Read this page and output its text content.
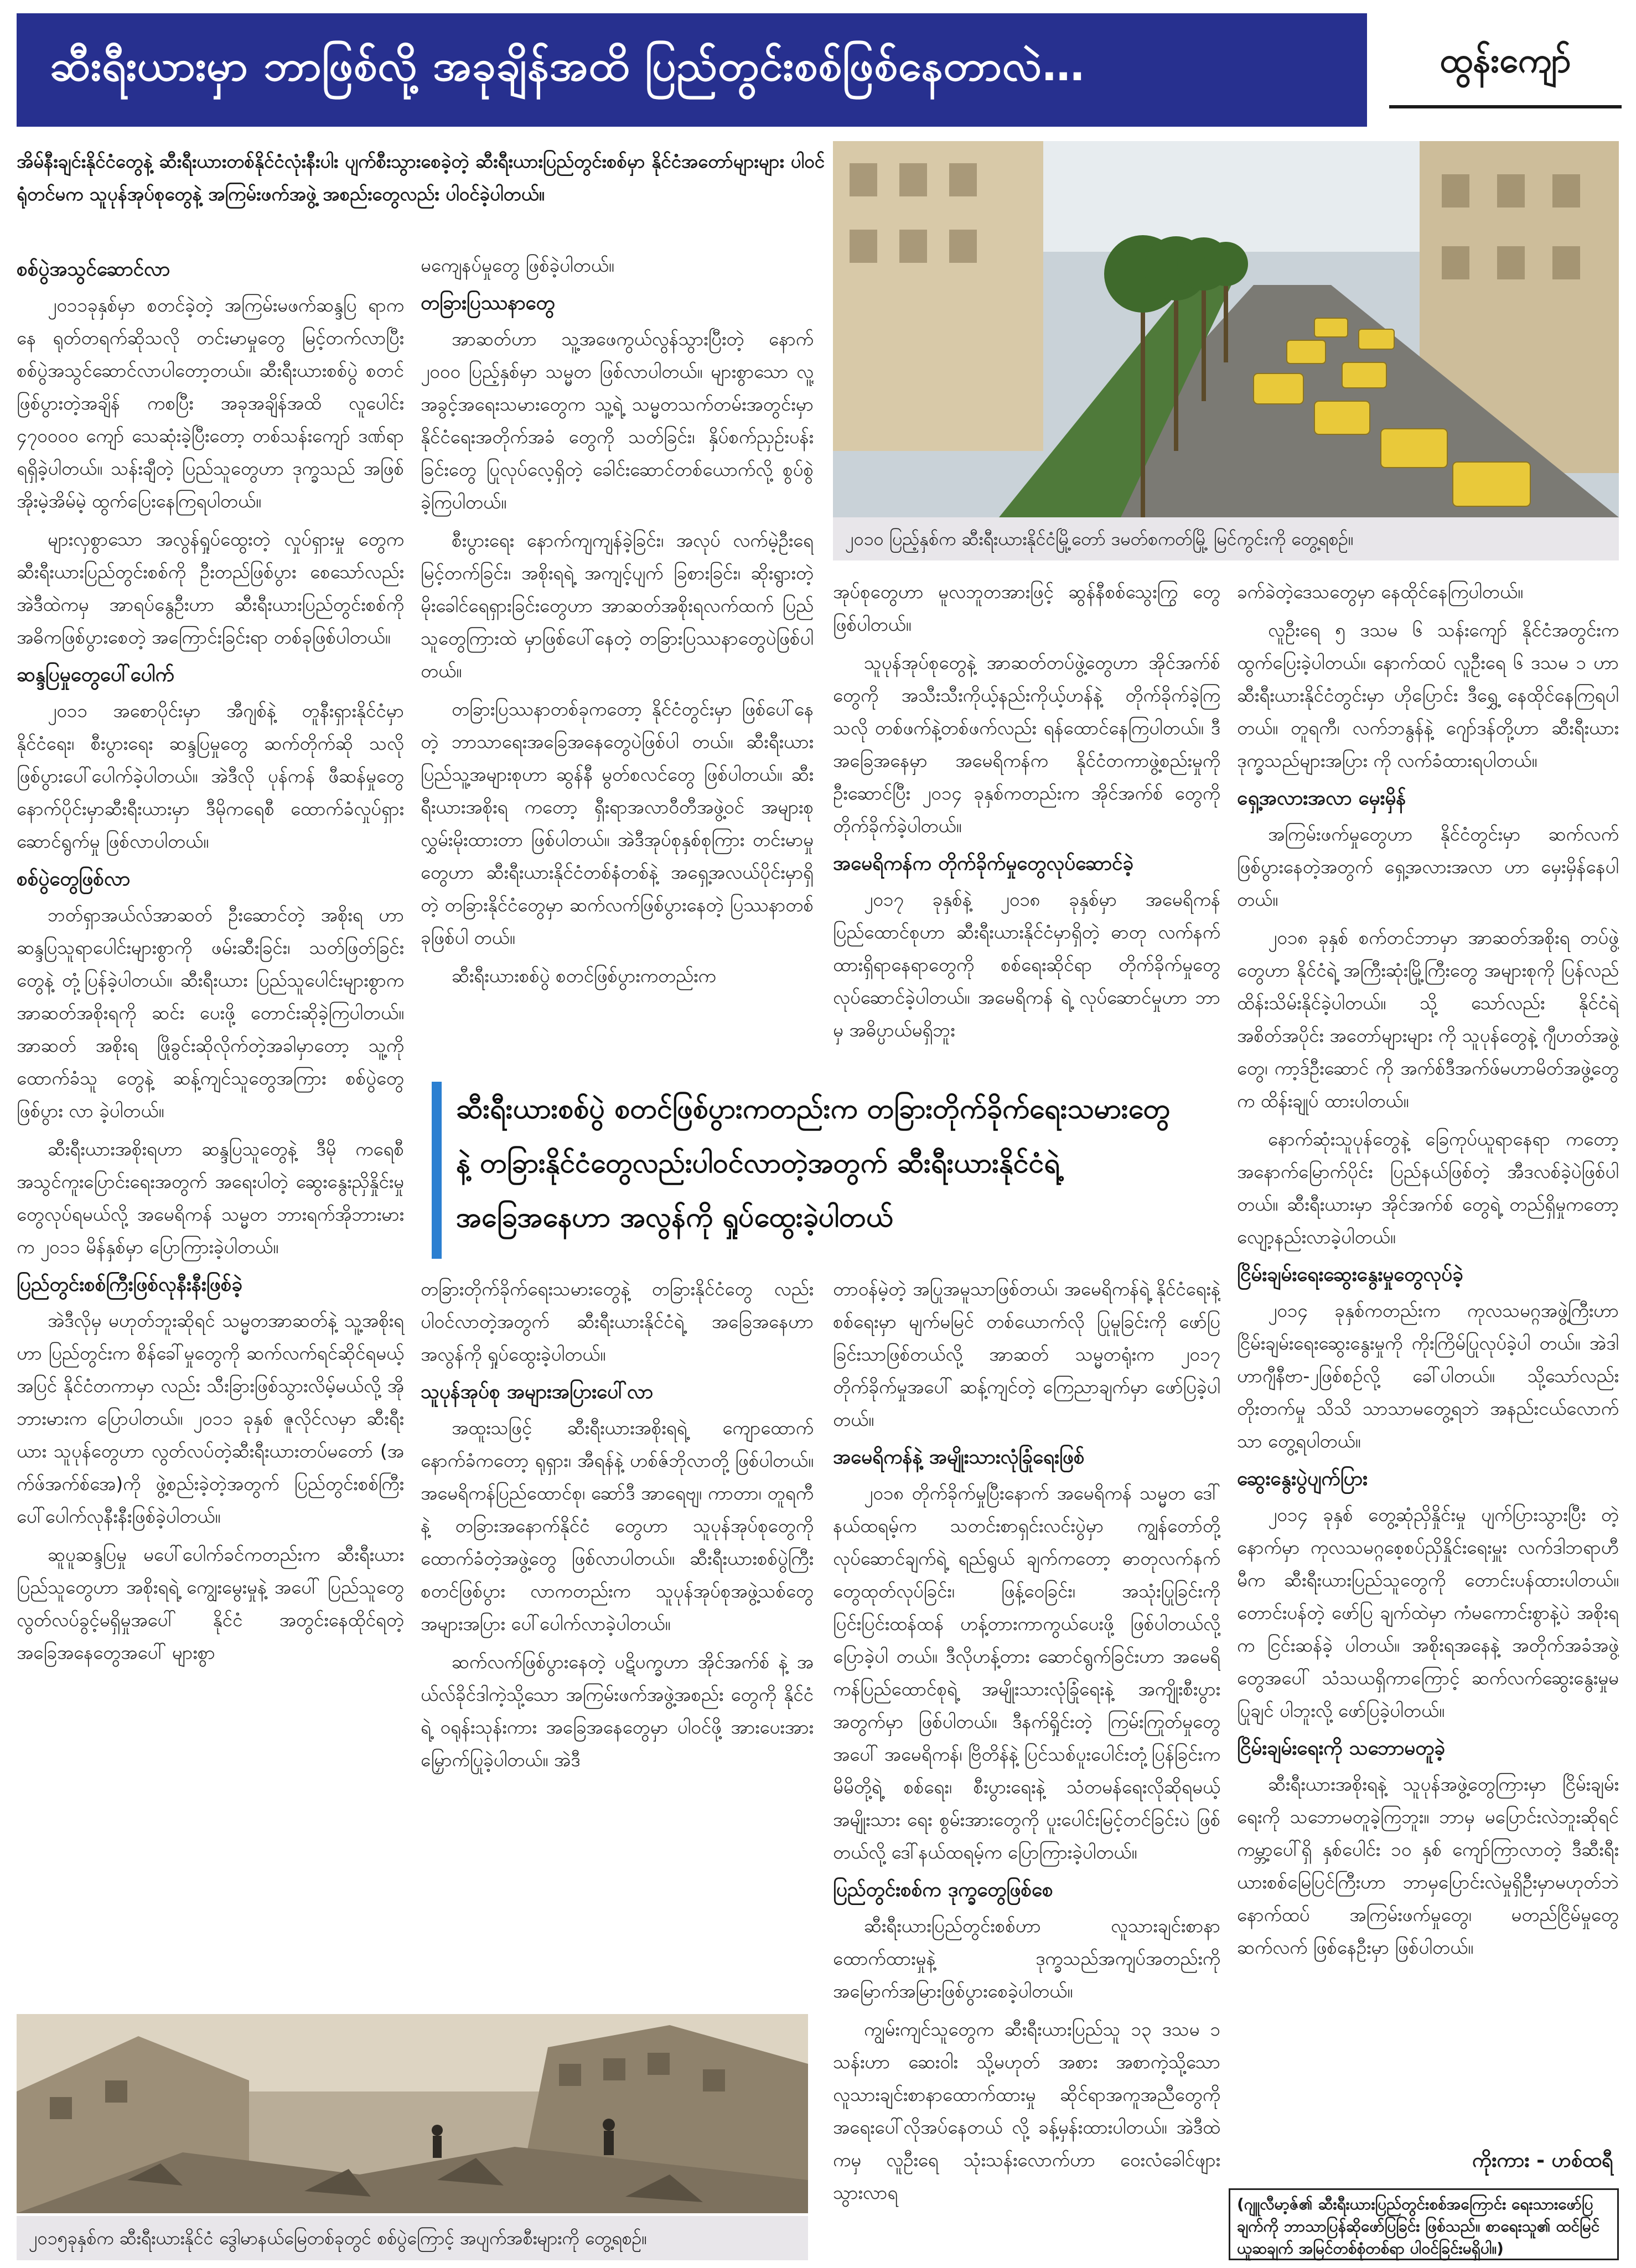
ဆီးရီးယားမှာ ဘာဖြစ်လို့ အခုချိန်အထိ ပြည်တွင်းစစ်ဖြစ်နေတာလဲ…	ထွန်းကျော်

အိမ်နီးချင်းနိုင်ငံတွေနဲ့ ဆီးရီးယားတစ်နိုင်ငံလုံးနီးပါး ပျက်စီးသွားစေခဲ့တဲ့ ဆီးရီးယားပြည်တွင်းစစ်မှာ နိုင်ငံအတော်များများ ပါဝင်ရုံတင်မက သူပုန်အုပ်စုတွေနဲ့ အကြမ်းဖက်အဖွဲ့ အစည်းတွေလည်း ပါဝင်ခဲ့ပါတယ်။

၂၀၁၀ ပြည့်နှစ်က ဆီးရီးယားနိုင်ငံမြို့တော် ဒမတ်စကတ်မြို့ မြင်ကွင်းကို တွေ့ရစဉ်။
စစ်ပွဲအသွင်ဆောင်လာ

၂၀၁၁ခုနှစ်မှာ စတင်ခဲ့တဲ့ အကြမ်းမဖက်ဆန္ဒပြ ရာကနေ ရုတ်တရက်ဆိုသလို တင်းမာမှုတွေ မြင့်တက်လာပြီး စစ်ပွဲအသွင်ဆောင်လာပါတော့တယ်။ ဆီးရီးယားစစ်ပွဲ စတင်ဖြစ်ပွားတဲ့အချိန် ကစပြီး အခုအချိန်အထိ လူပေါင်း ၄၇၀၀၀၀ ကျော် သေဆုံးခဲ့ပြီးတော့ တစ်သန်းကျော် ဒဏ်ရာရရှိခဲ့ပါတယ်။ သန်းချီတဲ့ ပြည်သူတွေဟာ ဒုက္ခသည် အဖြစ် အိုးမဲ့အိမ်မဲ့ ထွက်ပြေးနေကြရပါတယ်။

များလှစွာသော အလွန်ရှုပ်ထွေးတဲ့ လှုပ်ရှားမှု တွေက ဆီးရီးယားပြည်တွင်းစစ်ကို ဦးတည်ဖြစ်ပွား စေသော်လည်း အဲဒီထဲကမှ အာရပ်နွေဦးဟာ ဆီးရီးယားပြည်တွင်းစစ်ကို အဓိကဖြစ်ပွားစေတဲ့ အကြောင်းခြင်းရာ တစ်ခုဖြစ်ပါတယ်။

ဆန္ဒပြမှုတွေပေါ်ပေါက်

၂၀၁၁ အစောပိုင်းမှာ အီဂျစ်နဲ့ တူနီးရှားနိုင်ငံမှာ နိုင်ငံရေး၊ စီးပွားရေး ဆန္ဒပြမှုတွေ ဆက်တိုက်ဆို သလို ဖြစ်ပွားပေါ်ပေါက်ခဲ့ပါတယ်။ အဲဒီလို ပုန်ကန် ဖီဆန်မှုတွေနောက်ပိုင်းမှာဆီးရီးယားမှာ ဒီမိုကရေစီ ထောက်ခံလှုပ်ရှားဆောင်ရွက်မှု ဖြစ်လာပါတယ်။

စစ်ပွဲတွေဖြစ်လာ

ဘတ်ရှာအယ်လ်အာဆတ် ဦးဆောင်တဲ့ အစိုးရ ဟာ ဆန္ဒပြသူရာပေါင်းများစွာကို ဖမ်းဆီးခြင်း၊ သတ်ဖြတ်ခြင်းတွေနဲ့ တုံ့ပြန်ခဲ့ပါတယ်။ ဆီးရီးယား ပြည်သူပေါင်းများစွာက အာဆတ်အစိုးရကို ဆင်း ပေးဖို့ တောင်းဆိုခဲ့ကြပါတယ်။ အာဆတ် အစိုးရ ဖြိုခွင်းဆိုလိုက်တဲ့အခါမှာတော့ သူ့ကို ထောက်ခံသူ တွေနဲ့ ဆန့်ကျင်သူတွေအကြား စစ်ပွဲတွေ ဖြစ်ပွား လာ ခဲ့ပါတယ်။

ဆီးရီးယားအစိုးရဟာ ဆန္ဒပြသူတွေနဲ့ ဒီမို ကရေစီအသွင်ကူးပြောင်းရေးအတွက် အရေးပါတဲ့ ဆွေးနွေးညှိနှိုင်းမှုတွေလုပ်ရမယ်လို့ အမေရိကန် သမ္မတ ဘားရက်အိုဘားမားက ၂၀၁၁ မိန်နှစ်မှာ ပြောကြားခဲ့ပါတယ်။

ပြည်တွင်းစစ်ကြီးဖြစ်လုနီးနီးဖြစ်ခဲ့

အဲဒီလိုမှ မဟုတ်ဘူးဆိုရင် သမ္မတအာဆတ်နဲ့ သူ့အစိုးရဟာ ပြည်တွင်းက စိန်ခေါ်မှုတွေကို ဆက်လက်ရင်ဆိုင်ရမယ့်အပြင် နိုင်ငံတကာမှာ လည်း သီးခြားဖြစ်သွားလိမ့်မယ်လို့ အိုဘားမားက ပြောပါတယ်။ ၂၀၁၁ ခုနှစ် ဇူလိုင်လမှာ ဆီးရီးယား သူပုန်တွေဟာ လွတ်လပ်တဲ့ဆီးရီးယားတပ်မတော် (အက်ဖ်အက်စ်အေ)ကို ဖွဲ့စည်းခဲ့တဲ့အတွက် ပြည်တွင်းစစ်ကြီး ပေါ်ပေါက်လုနီးနီးဖြစ်ခဲ့ပါတယ်။

ဆူပူဆန္ဒပြမှု မပေါ်ပေါက်ခင်ကတည်းက ဆီးရီးယားပြည်သူတွေဟာ အစိုးရရဲ့ ကျွေးမွေးမှုနဲ့ အပေါ် ပြည်သူတွေ လွတ်လပ်ခွင့်မရှိမှုအပေါ် နိုင်ငံ အတွင်းနေထိုင်ရတဲ့ အခြေအနေတွေအပေါ် များစွာ

မကျေနပ်မှုတွေ ဖြစ်ခဲ့ပါတယ်။

တခြားပြဿနာတွေ

အာဆတ်ဟာ သူ့အဖေကွယ်လွန်သွားပြီးတဲ့ နောက် ၂၀၀၀ ပြည့်နှစ်မှာ သမ္မတ ဖြစ်လာပါတယ်။ များစွာသော လူ့အခွင့်အရေးသမားတွေက သူ့ရဲ့ သမ္မတသက်တမ်းအတွင်းမှာ နိုင်ငံရေးအတိုက်အခံ တွေကို သတ်ခြင်း၊ နှိပ်စက်ညှဉ်းပန်းခြင်းတွေ ပြုလုပ်လေ့ရှိတဲ့ ခေါင်းဆောင်တစ်ယောက်လို့ စွပ်စွဲ ခဲ့ကြပါတယ်။

စီးပွားရေး နောက်ကျကျန်ခဲ့ခြင်း၊ အလုပ် လက်မဲ့ဦးရေမြင့်တက်ခြင်း၊ အစိုးရရဲ့ အကျင့်ပျက် ခြစားခြင်း၊ ဆိုးရွားတဲ့ မိုးခေါင်ရေရှားခြင်းတွေဟာ အာဆတ်အစိုးရလက်ထက် ပြည်သူတွေကြားထဲ မှာဖြစ်ပေါ်နေတဲ့ တခြားပြဿနာတွေပဲဖြစ်ပါတယ်။

တခြားပြဿနာတစ်ခုကတော့ နိုင်ငံတွင်းမှာ ဖြစ်ပေါ်နေတဲ့ ဘာသာရေးအခြေအနေတွေပဲဖြစ်ပါ တယ်။ ဆီးရီးယားပြည်သူ့အများစုဟာ ဆွန်နီ မွတ်စလင်တွေ ဖြစ်ပါတယ်။ ဆီးရီးယားအစိုးရ ကတော့ ရှီးရာအလာဝီတီအဖွဲ့ဝင် အများစု လွှမ်းမိုးထားတာ ဖြစ်ပါတယ်။ အဲဒီအုပ်စုနှစ်စုကြား တင်းမာမှုတွေဟာ ဆီးရီးယားနိုင်ငံတစ်နံတစ်နဲ့ အရှေ့အလယ်ပိုင်းမှာရှိတဲ့ တခြားနိုင်ငံတွေမှာ ဆက်လက်ဖြစ်ပွားနေတဲ့ ပြဿနာတစ်ခုဖြစ်ပါ တယ်။

ဆီးရီးယားစစ်ပွဲ စတင်ဖြစ်ပွားကတည်းက

အုပ်စုတွေဟာ မူလဘူတအားဖြင့် ဆွန်နီစစ်သွေးကြွ တွေ ဖြစ်ပါတယ်။

သူပုန်အုပ်စုတွေနဲ့ အာဆတ်တပ်ဖွဲ့တွေဟာ အိုင်အက်စ်တွေကို အသီးသီးကိုယ့်နည်းကိုယ့်ဟန်နဲ့ တိုက်ခိုက်ခဲ့ကြသလို တစ်ဖက်နဲ့တစ်ဖက်လည်း ရန်ထောင်နေကြပါတယ်။ ဒီအခြေအနေမှာ အမေရိကန်က နိုင်ငံတကာဖွဲ့စည်းမှုကို ဦးဆောင်ပြီး ၂၀၁၄ ခုနှစ်ကတည်းက အိုင်အက်စ် တွေကို တိုက်ခိုက်ခဲ့ပါတယ်။

အမေရိကန်က တိုက်ခိုက်မှုတွေလုပ်ဆောင်ခဲ့

၂၀၁၇ ခုနှစ်နဲ့ ၂၀၁၈ ခုနှစ်မှာ အမေရိကန် ပြည်ထောင်စုဟာ ဆီးရီးယားနိုင်ငံမှာရှိတဲ့ ဓာတု လက်နက်ထားရှိရာနေရာတွေကို စစ်ရေးဆိုင်ရာ တိုက်ခိုက်မှုတွေ လုပ်ဆောင်ခဲ့ပါတယ်။ အမေရိကန် ရဲ့ လုပ်ဆောင်မှုဟာ ဘာမှ အဓိပ္ပာယ်မရှိဘူး

ဆီးရီးယားစစ်ပွဲ စတင်ဖြစ်ပွားကတည်းက တခြားတိုက်ခိုက်ရေးသမားတွေနဲ့ တခြားနိုင်ငံတွေလည်းပါဝင်လာတဲ့အတွက် ဆီးရီးယားနိုင်ငံရဲ့ အခြေအနေဟာ အလွန်ကို ရှုပ်ထွေးခဲ့ပါတယ်

တခြားတိုက်ခိုက်ရေးသမားတွေနဲ့ တခြားနိုင်ငံတွေ လည်းပါဝင်လာတဲ့အတွက် ဆီးရီးယားနိုင်ငံရဲ့ အခြေအနေဟာ အလွန်ကို ရှုပ်ထွေးခဲ့ပါတယ်။

သူပုန်အုပ်စု အများအပြားပေါ်လာ

အထူးသဖြင့် ဆီးရီးယားအစိုးရရဲ့ ကျောထောက် နောက်ခံကတော့ ရုရှား၊ အီရန်နဲ့ ဟစ်ဇ်ဘိုလာတို့ ဖြစ်ပါတယ်။ အမေရိကန်ပြည်ထောင်စု၊ ဆော်ဒီ အာရေဗျ၊ ကာတာ၊ တူရကီနဲ့ တခြားအနောက်နိုင်ငံ တွေဟာ သူပုန်အုပ်စုတွေကို ထောက်ခံတဲ့အဖွဲ့တွေ ဖြစ်လာပါတယ်။ ဆီးရီးယားစစ်ပွဲကြီး စတင်ဖြစ်ပွား လာကတည်းက သူပုန်အုပ်စုအဖွဲ့သစ်တွေ အများအပြား ပေါ်ပေါက်လာခဲ့ပါတယ်။

ဆက်လက်ဖြစ်ပွားနေတဲ့ ပဋိပက္ခဟာ အိုင်အက်စ် နဲ့ အယ်လ်ခိုင်ဒါကဲ့သို့သော အကြမ်းဖက်အဖွဲ့အစည်း တွေကို နိုင်ငံရဲ့ ဝရုန်းသုန်းကား အခြေအနေတွေမှာ ပါဝင်ဖို့ အားပေးအားမြှောက်ပြုခဲ့ပါတယ်။ အဲဒီ

တာဝန်မဲ့တဲ့ အပြုအမူသာဖြစ်တယ်၊ အမေရိကန်ရဲ့ နိုင်ငံရေးနဲ့ စစ်ရေးမှာ မျက်မမြင် တစ်ယောက်လို ပြုမူခြင်းကို ဖော်ပြခြင်းသာဖြစ်တယ်လို့ အာဆတ် သမ္မတရုံးက ၂၀၁၇ တိုက်ခိုက်မှုအပေါ် ဆန့်ကျင်တဲ့ ကြေညာချက်မှာ ဖော်ပြခဲ့ပါတယ်။

အမေရိကန်နဲ့ အမျိုးသားလုံခြုံရေးဖြစ်

၂၀၁၈ တိုက်ခိုက်မှုပြီးနောက် အမေရိကန် သမ္မတ ဒေါ်နယ်ထရမ့်က သတင်းစာရှင်းလင်းပွဲမှာ ကျွန်တော်တို့ လုပ်ဆောင်ချက်ရဲ့ ရည်ရွယ် ချက်ကတော့ ဓာတုလက်နက်တွေထုတ်လုပ်ခြင်း၊ ဖြန့်ဝေခြင်း၊ အသုံးပြုခြင်းကို ပြင်းပြင်းထန်ထန် ဟန့်တားကာကွယ်ပေးဖို့ ဖြစ်ပါတယ်လို့ ပြောခဲ့ပါ တယ်။ ဒီလိုဟန့်တား ဆောင်ရွက်ခြင်းဟာ အမေရိကန်ပြည်ထောင်စုရဲ့ အမျိုးသားလုံခြုံရေးနဲ့ အကျိုးစီးပွားအတွက်မှာ ဖြစ်ပါတယ်။ ဒီနက်ရှိုင်းတဲ့ ကြမ်းကြုတ်မှုတွေအပေါ် အမေရိကန်၊ ဗြိတိန်နဲ့ ပြင်သစ်ပူးပေါင်းတုံ့ပြန်ခြင်းက မိမိတို့ရဲ့ စစ်ရေး၊ စီးပွားရေးနဲ့ သံတမန်ရေးလိုဆိုရမယ့် အမျိုးသား ရေး စွမ်းအားတွေကို ပူးပေါင်းမြင့်တင်ခြင်းပဲ ဖြစ်တယ်လို့ ဒေါ်နယ်ထရမ့်က ပြောကြားခဲ့ပါတယ်။

ပြည်တွင်းစစ်က ဒုက္ခတွေဖြစ်စေ

ဆီးရီးယားပြည်တွင်းစစ်ဟာ လူသားချင်းစာနာ ထောက်ထားမှုနဲ့ ဒုက္ခသည်အကျပ်အတည်းကို အမြောက်အမြားဖြစ်ပွားစေခဲ့ပါတယ်။

ကျွမ်းကျင်သူတွေက ဆီးရီးယားပြည်သူ ၁၃ ဒသမ ၁ သန်းဟာ ဆေးဝါး သို့မဟုတ် အစား အစာကဲ့သို့သော လူသားချင်းစာနာထောက်ထားမှု ဆိုင်ရာအကူအညီတွေကို အရေးပေါ်လိုအပ်နေတယ် လို့ ခန့်မှန်းထားပါတယ်။ အဲဒီထဲကမှ လူဦးရေ သုံးသန်းလောက်ဟာ ဝေးလံခေါင်ဖျား သွားလာရ

ခက်ခဲတဲ့ဒေသတွေမှာ နေထိုင်နေကြပါတယ်။

လူဦးရေ ၅ ဒသမ ၆ သန်းကျော် နိုင်ငံအတွင်းက ထွက်ပြေးခဲ့ပါတယ်။ နောက်ထပ် လူဦးရေ ၆ ဒသမ ၁ ဟာ ဆီးရီးယားနိုင်ငံတွင်းမှာ ဟိုပြောင်း ဒီရွှေ့ နေထိုင်နေကြရပါတယ်။ တူရကီ၊ လက်ဘနွန်နဲ့ ဂျော်ဒန်တို့ဟာ ဆီးရီးယား ဒုက္ခသည်များအပြား ကို လက်ခံထားရပါတယ်။

ရှေ့အလားအလာ မှေးမှိန်

အကြမ်းဖက်မှုတွေဟာ နိုင်ငံတွင်းမှာ ဆက်လက်ဖြစ်ပွားနေတဲ့အတွက် ရှေ့အလားအလာ ဟာ မှေးမှိန်နေပါတယ်။

၂၀၁၈ ခုနှစ် စက်တင်ဘာမှာ အာဆတ်အစိုးရ တပ်ဖွဲ့တွေဟာ နိုင်ငံရဲ့ အကြီးဆုံးမြို့ကြီးတွေ အများစုကို ပြန်လည်ထိန်းသိမ်းနိုင်ခဲ့ပါတယ်။ သို့ သော်လည်း နိုင်ငံရဲ့အစိတ်အပိုင်း အတော်များများ ကို သူပုန်တွေနဲ့ ဂျီဟတ်အဖွဲ့တွေ၊ ကာ့ဒ်ဦးဆောင် ကို အက်စ်ဒီအက်ဖ်မဟာမိတ်အဖွဲ့တွေက ထိန်းချုပ် ထားပါတယ်။

နောက်ဆုံးသူပုန်တွေနဲ့ ခြေကုပ်ယူရာနေရာ ကတော့ အနောက်မြောက်ပိုင်း ပြည်နယ်ဖြစ်တဲ့ အီဒလစ်ခဲ့ပဲဖြစ်ပါတယ်။ ဆီးရီးယားမှာ အိုင်အက်စ် တွေရဲ့ တည်ရှိမှုကတော့ လျော့နည်းလာခဲ့ပါတယ်။

ငြိမ်းချမ်းရေးဆွေးနွေးမှုတွေလုပ်ခဲ့

၂၀၁၄ ခုနှစ်ကတည်းက ကုလသမဂ္ဂအဖွဲ့ကြီးဟာ ငြိမ်းချမ်းရေးဆွေးနွေးမှုကို ကိုးကြိမ်ပြုလုပ်ခဲ့ပါ တယ်။ အဲဒါဟာဂျီနီဗာ-၂ဖြစ်စဉ်လို့ ခေါ်ပါတယ်။ သို့သော်လည်း တိုးတက်မှု သိသိ သာသာမတွေ့ရဘဲ အနည်းငယ်လောက်သာ တွေ့ရပါတယ်။

ဆွေးနွေးပွဲပျက်ပြား

၂၀၁၄ ခုနှစ် တွေ့ဆုံညှိနှိုင်းမှု ပျက်ပြားသွားပြီး တဲ့နောက်မှာ ကုလသမဂ္ဂစေ့စပ်ညှိနှိုင်းရေးမှူး လက်ဒါ​ဘရာဟီမီက ဆီးရီးယားပြည်သူတွေကို တောင်းပန်ထားပါတယ်။ တောင်းပန်တဲ့ ဖော်ပြ ချက်ထဲမှာ ကံမကောင်းစွာနဲ့ပဲ အစိုးရက ငြင်းဆန်ခဲ့ ပါတယ်။ အစိုးရအနေနဲ့ အတိုက်အခံအဖွဲ့တွေအပေါ် သံသယရှိကာကြောင့် ဆက်လက်ဆွေးနွေးမှုမပြုချင် ပါဘူးလို့ ဖော်ပြခဲ့ပါတယ်။

ငြိမ်းချမ်းရေးကို သဘောမတူခဲ့

ဆီးရီးယားအစိုးရနဲ့ သူပုန်အဖွဲ့တွေကြားမှာ ငြိမ်းချမ်းရေးကို သဘောမတူခဲ့ကြဘူး။ ဘာမှ မပြောင်းလဲဘူးဆိုရင် ကမ္ဘာ့ပေါ်ရှိ နှစ်ပေါင်း ၁၀ နှစ် ကျော်ကြာလာတဲ့ ဒီဆီးရီးယားစစ်မြေပြင်ကြီးဟာ ဘာမှပြောင်းလဲမှုရှိဦးမှာမဟုတ်ဘဲ နောက်ထပ် အကြမ်းဖက်မှုတွေ၊ မတည်ငြိမ်မှုတွေ ဆက်လက် ဖြစ်နေဦးမှာ ဖြစ်ပါတယ်။

ကိုးကား - ဟစ်ထရီ
၂၀၁၅ခုနှစ်က ဆီးရီးယားနိုင်ငံ ဒွေါမာနယ်မြေတစ်ခုတွင် စစ်ပွဲကြောင့် အပျက်အစီးများကို တွေ့ရစဉ်။
(ဂျူလီမာ့ဇ်၏ ဆီးရီးယားပြည်တွင်းစစ်အကြောင်း ရေးသားဖော်ပြချက်ကို ဘာသာပြန်ဆိုဖော်ပြခြင်း ဖြစ်သည်။ စာရေးသူ၏ ထင်မြင်ယူဆချက် အမြင်တစ်စုံတစ်ရာ ပါဝင်ခြင်းမရှိပါ။)
